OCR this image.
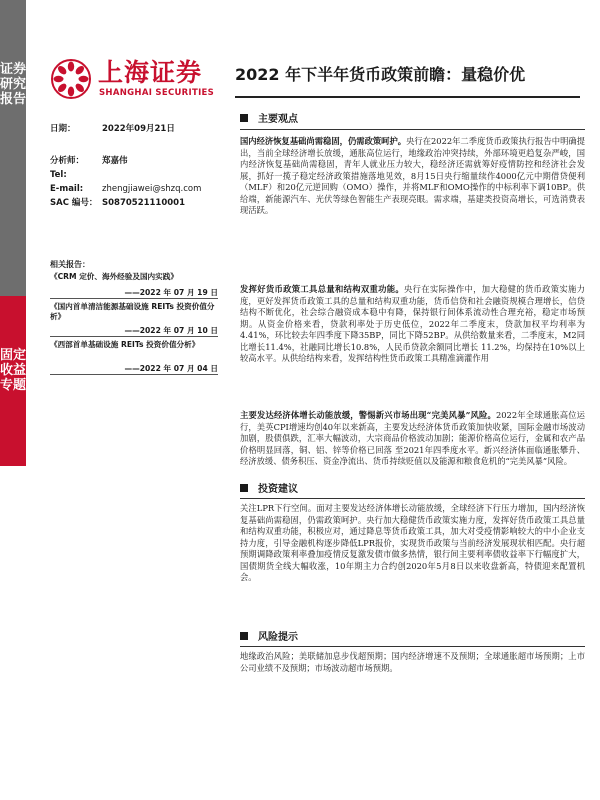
证券研究报告
固定收益专题
上海证券
SHANGHAI SECURITIES
2022 年下半年货币政策前瞻：量稳价优
日期：	2022年09月21日
分析师： 郑嘉伟
Tel:
E-mail: zhengjiawei@shzq.com
SAC 编号： S0870521110001
相关报告：
《CRM 定价、海外经验及国内实践》
——2022 年 07 月 19 日
《国内首单清洁能源基础设施 REITs 投资价值分析》
——2022 年 07 月 10 日
《西部首单基础设施 REITs 投资价值分析》
——2022 年 07 月 04 日
主要观点
国内经济恢复基础尚需稳固，仍需政策呵护。央行在2022年二季度货币政策执行报告中明确提出，当前全球经济增长放缓，通胀高位运行，地缘政治冲突持续，外部环境更趋复杂严峻，国内经济恢复基础尚需稳固，青年人就业压力较大，稳经济还需就筹好疫情防控和经济社会发展，抓好一揽子稳定经济政策措施落地见效，8月15日央行缩量续作4000亿元中期借贷便利（MLF）和20亿元逆回购（OMO）操作，并将MLF和OMO操作的中标利率下调10BP。供给端，新能源汽车、光伏等绿色智能生产表现亮眼。需求端，基建类投资高增长，可选消费表现活跃。
发挥好货币政策工具总量和结构双重功能。央行在实际操作中，加大稳健的货币政策实施力度，更好发挥货币政策工具的总量和结构双重功能，货币信贷和社会融资规模合理增长，信贷结构不断优化，社会综合融资成本稳中有降，保持银行间体系流动性合理充裕，稳定市场预期。从资金价格来看，贷款利率处于历史低位，2022年二季度末，贷款加权平均利率为4.41%，环比较去年四季度下降35BP，同比下降52BP。从供给数量来看，二季度末，M2同比增长11.4%，社融同比增长10.8%，人民币贷款余额同比增长 11.2%，均保持在10%以上较高水平。从供给结构来看，发挥结构性货币政策工具精准滴灌作用
主要发达经济体增长动能放缓，警惕新兴市场出现“完美风暴”风险。2022年全球通胀高位运行，美英CPI增速均创40年以来新高，主要发达经济体货币政策加快收紧，国际金融市场波动加剧，股债俱跌，汇率大幅波动，大宗商品价格波动加剧；能源价格高位运行，金属和农产品价格明显回落，铜、铝、锌等价格已回落 至2021年四季度水平。新兴经济体面临通胀攀升、经济放缓、债务积压、资金净流出、货币持续贬值以及能源和粮食危机的“完美风暴”风险。
投资建议
关注LPR下行空间。面对主要发达经济体增长动能放缓，全球经济下行压力增加，国内经济恢复基础尚需稳固，仍需政策呵护。央行加大稳健货币政策实施力度，发挥好货币政策工具总量和结构双重功能，积极应对，通过降息等货币政策工具，加大对受疫情影响较大的中小企业支持力度，引导金融机构逐步降低LPR报价，实现货币政策与当前经济发展现状相匹配。央行超预期调降政策利率叠加疫情反复激发债市做多热情，银行间主要利率债收益率下行幅度扩大，国债期货全线大幅收涨，10年期主力合约创2020年5月8日以来收盘新高，特债迎来配置机会。
风险提示
地缘政治风险；美联储加息步伐超预期；国内经济增速不及预期；全球通胀超市场预期；上市公司业绩不及预期；市场波动超市场预期。
